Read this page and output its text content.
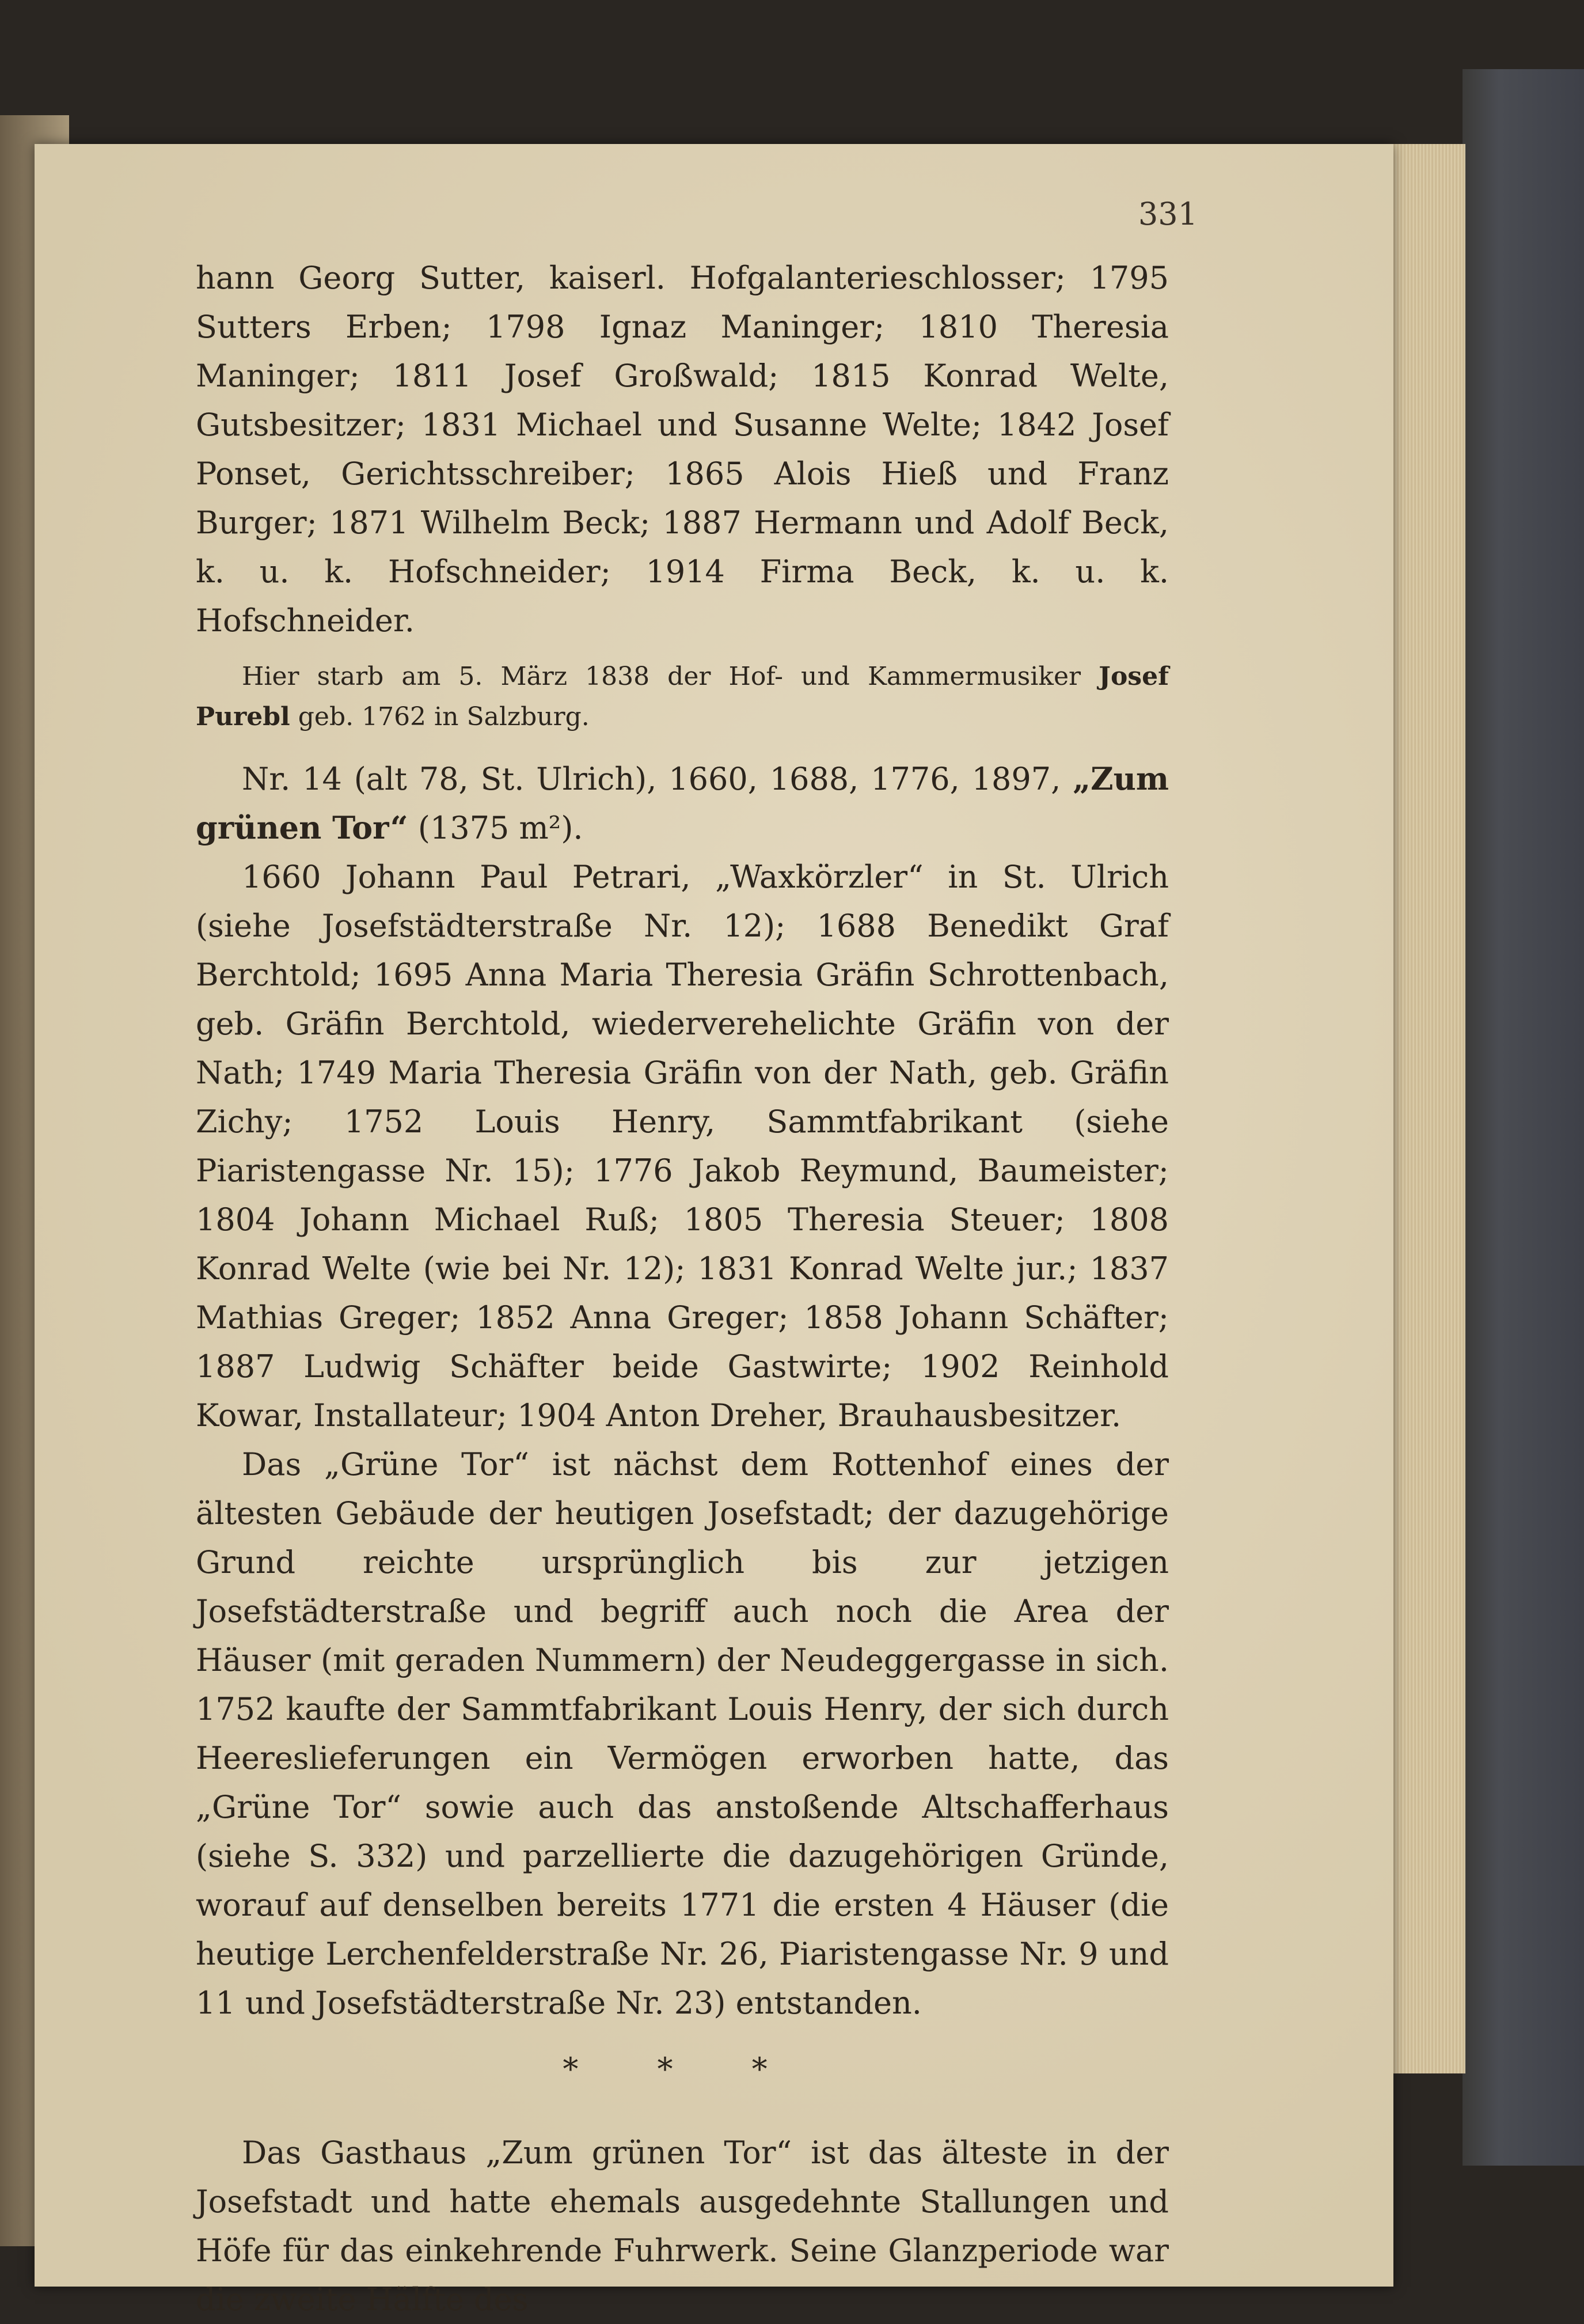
331

hann Georg Sutter, kaiserl. Hofgalanterieschlosser; 1795 Sutters Erben; 1798 Ignaz Maninger; 1810 Theresia Maninger; 1811 Josef Großwald; 1815 Konrad Welte, Gutsbesitzer; 1831 Michael und Susanne Welte; 1842 Josef Ponset, Gerichtsschreiber; 1865 Alois Hieß und Franz Burger; 1871 Wilhelm Beck; 1887 Hermann und Adolf Beck, k. u. k. Hofschneider; 1914 Firma Beck, k. u. k. Hofschneider.

Hier starb am 5. März 1838 der Hof- und Kammermusiker Josef Purebl geb. 1762 in Salzburg.

Nr. 14 (alt 78, St. Ulrich), 1660, 1688, 1776, 1897, „Zum grünen Tor“ (1375 m²).

1660 Johann Paul Petrari, „Waxkörzler“ in St. Ulrich (siehe Josefstädterstraße Nr. 12); 1688 Benedikt Graf Berchtold; 1695 Anna Maria Theresia Gräfin Schrottenbach, geb. Gräfin Berchtold, wiederverehelichte Gräfin von der Nath; 1749 Maria Theresia Gräfin von der Nath, geb. Gräfin Zichy; 1752 Louis Henry, Sammtfabrikant (siehe Piaristengasse Nr. 15); 1776 Jakob Reymund, Baumeister; 1804 Johann Michael Ruß; 1805 Theresia Steuer; 1808 Konrad Welte (wie bei Nr. 12); 1831 Konrad Welte jur.; 1837 Mathias Greger; 1852 Anna Greger; 1858 Johann Schäfter; 1887 Ludwig Schäfter beide Gastwirte; 1902 Reinhold Kowar, Installateur; 1904 Anton Dreher, Brauhausbesitzer.

Das „Grüne Tor“ ist nächst dem Rottenhof eines der ältesten Gebäude der heutigen Josefstadt; der dazugehörige Grund reichte ursprünglich bis zur jetzigen Josefstädterstraße und begriff auch noch die Area der Häuser (mit geraden Nummern) der Neudeggergasse in sich. 1752 kaufte der Sammtfabrikant Louis Henry, der sich durch Heereslieferungen ein Vermögen erworben hatte, das „Grüne Tor“ sowie auch das anstoßende Altschafferhaus (siehe S. 332) und parzellierte die dazugehörigen Gründe, worauf auf denselben bereits 1771 die ersten 4 Häuser (die heutige Lerchenfelderstraße Nr. 26, Piaristengasse Nr. 9 und 11 und Josefstädterstraße Nr. 23) entstanden.

* * *

Das Gasthaus „Zum grünen Tor“ ist das älteste in der Josefstadt und hatte ehemals ausgedehnte Stallungen und Höfe für das einkehrende Fuhrwerk. Seine Glanzperiode war die zweite Hälfte des
